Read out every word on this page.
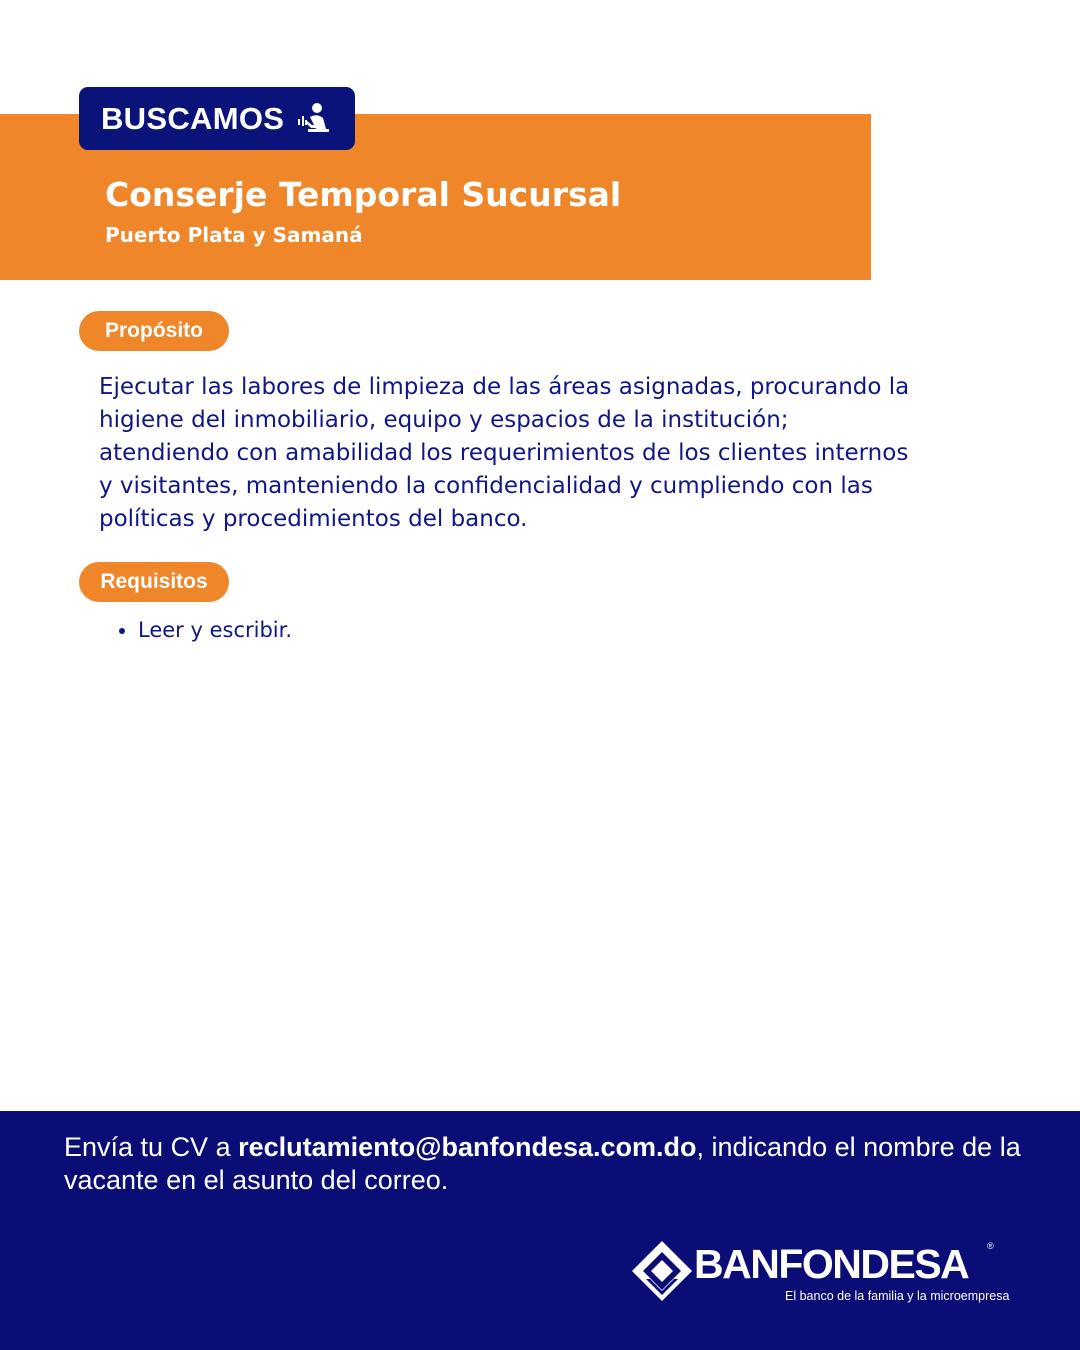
BUSCAMOS
Conserje Temporal Sucursal
Puerto Plata y Samaná
Propósito

Ejecutar las labores de limpieza de las áreas asignadas, procurando la higiene del inmobiliario, equipo y espacios de la institución; atendiendo con amabilidad los requerimientos de los clientes internos y visitantes, manteniendo la confidencialidad y cumpliendo con las políticas y procedimientos del banco.

Requisitos
• Leer y escribir.

Envía tu CV a reclutamiento@banfondesa.com.do, indicando el nombre de la vacante en el asunto del correo.

BANFONDESA ®
El banco de la familia y la microempresa
